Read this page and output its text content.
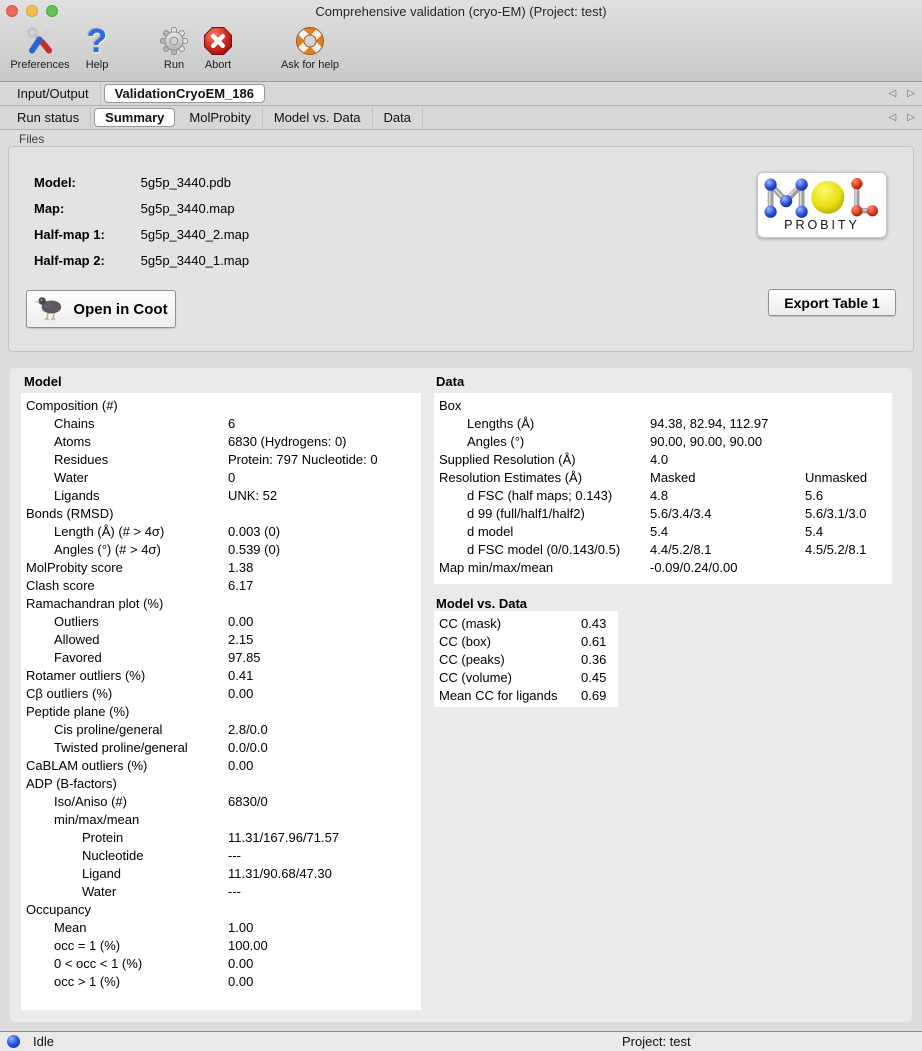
Comprehensive validation (cryo-EM) (Project: test)
Preferences
?
Help	Run	Abort	Ask for help
Input/Output	ValidationCryoEM_186	◁ ▷
Run status	Summary	MolProbity	Model vs. Data	Data	◁ ▷
Files
Model:	5g5p_3440.pdb
Map:	5g5p_3440.map
Half-map 1:	5g5p_3440_2.map
Half-map 2:	5g5p_3440_1.map
Open in Coot	Export Table 1
PROBITY
Model
Composition (#)
Chains	6
Atoms	6830 (Hydrogens: 0)
Residues	Protein: 797 Nucleotide: 0
Water	0
Ligands	UNK: 52
Bonds (RMSD)
Length (Å) (# > 4σ)	0.003 (0)
Angles (°) (# > 4σ)	0.539 (0)
MolProbity score	1.38
Clash score	6.17
Ramachandran plot (%)
Outliers	0.00
Allowed	2.15
Favored	97.85
Rotamer outliers (%)	0.41
Cβ outliers (%)	0.00
Peptide plane (%)
Cis proline/general	2.8/0.0
Twisted proline/general	0.0/0.0
CaBLAM outliers (%)	0.00
ADP (B-factors)
Iso/Aniso (#)	6830/0
min/max/mean
Protein	11.31/167.96/71.57
Nucleotide	---
Ligand	11.31/90.68/47.30
Water	---
Occupancy
Mean	1.00
occ = 1 (%)	100.00
0 < occ < 1 (%)	0.00
occ > 1 (%)	0.00
Data
Box
Lengths (Å)	94.38, 82.94, 112.97
Angles (°)	90.00, 90.00, 90.00
Supplied Resolution (Å)	4.0
Resolution Estimates (Å)	Masked	Unmasked
d FSC (half maps; 0.143)	4.8	5.6
d 99 (full/half1/half2)	5.6/3.4/3.4	5.6/3.1/3.0
d model	5.4	5.4
d FSC model (0/0.143/0.5) 4.4/5.2/8.1	4.5/5.2/8.1
Map min/max/mean	-0.09/0.24/0.00
Model vs. Data
CC (mask)	0.43
CC (box)	0.61
CC (peaks)	0.36
CC (volume)	0.45
Mean CC for ligands 0.69
Idle	Project: test
